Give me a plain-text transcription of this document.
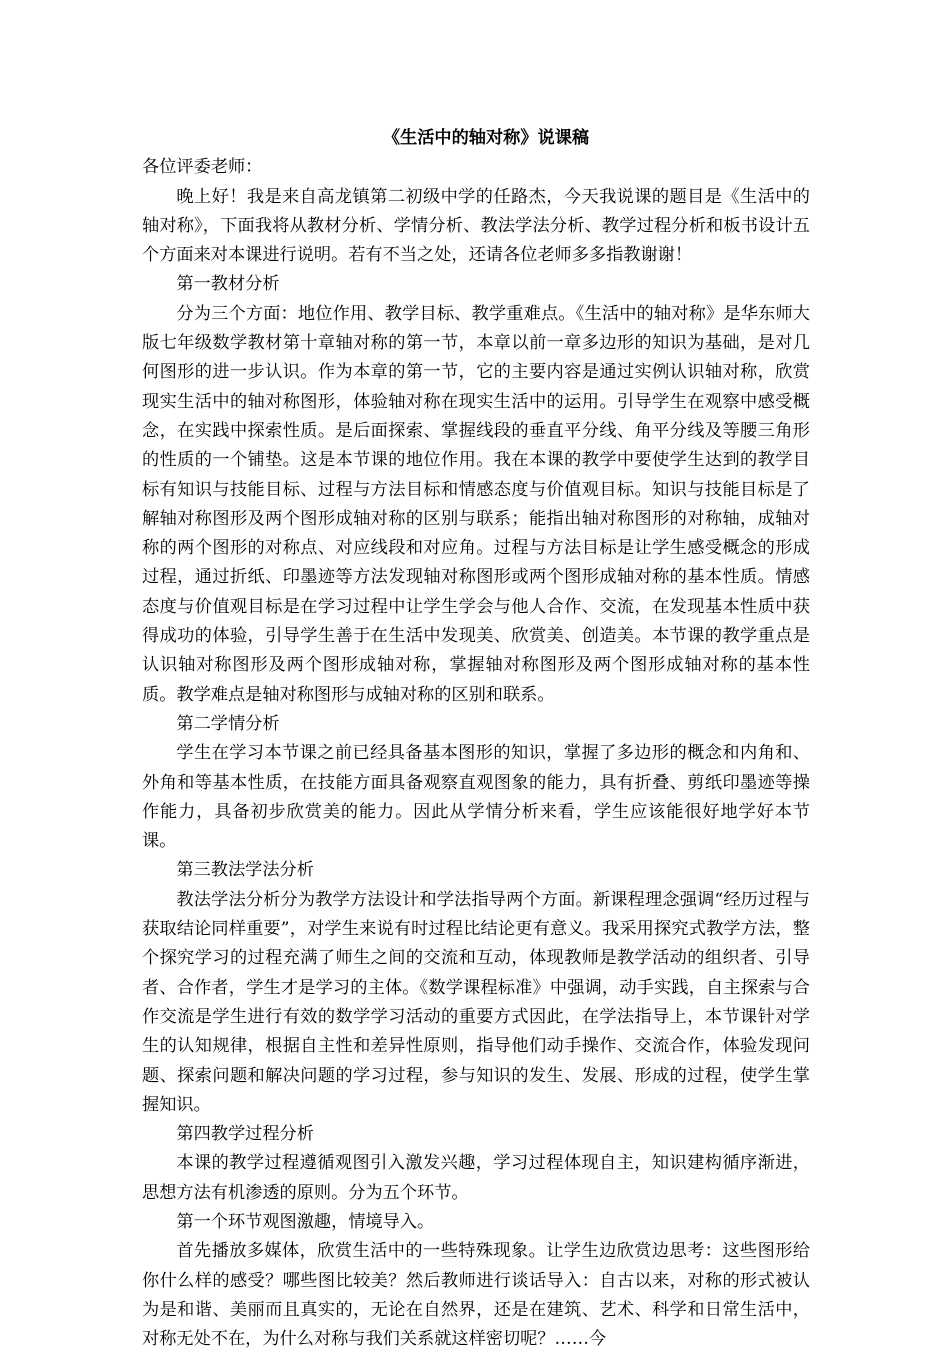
《生活中的轴对称》说课稿

各位评委老师：

晚上好！我是来自高龙镇第二初级中学的任路杰，今天我说课的题目是《生活中的轴对称》，下面我将从教材分析、学情分析、教法学法分析、教学过程分析和板书设计五个方面来对本课进行说明。若有不当之处，还请各位老师多多指教谢谢！

第一教材分析

分为三个方面：地位作用、教学目标、教学重难点。《生活中的轴对称》是华东师大版七年级数学教材第十章轴对称的第一节，本章以前一章多边形的知识为基础，是对几何图形的进一步认识。作为本章的第一节，它的主要内容是通过实例认识轴对称，欣赏现实生活中的轴对称图形，体验轴对称在现实生活中的运用。引导学生在观察中感受概念，在实践中探索性质。是后面探索、掌握线段的垂直平分线、角平分线及等腰三角形的性质的一个铺垫。这是本节课的地位作用。我在本课的教学中要使学生达到的教学目标有知识与技能目标、过程与方法目标和情感态度与价值观目标。知识与技能目标是了解轴对称图形及两个图形成轴对称的区别与联系；能指出轴对称图形的对称轴，成轴对称的两个图形的对称点、对应线段和对应角。过程与方法目标是让学生感受概念的形成过程，通过折纸、印墨迹等方法发现轴对称图形或两个图形成轴对称的基本性质。情感态度与价值观目标是在学习过程中让学生学会与他人合作、交流，在发现基本性质中获得成功的体验，引导学生善于在生活中发现美、欣赏美、创造美。本节课的教学重点是认识轴对称图形及两个图形成轴对称，掌握轴对称图形及两个图形成轴对称的基本性质。教学难点是轴对称图形与成轴对称的区别和联系。

第二学情分析

学生在学习本节课之前已经具备基本图形的知识，掌握了多边形的概念和内角和、外角和等基本性质，在技能方面具备观察直观图象的能力，具有折叠、剪纸印墨迹等操作能力，具备初步欣赏美的能力。因此从学情分析来看，学生应该能很好地学好本节课。

第三教法学法分析

教法学法分析分为教学方法设计和学法指导两个方面。新课程理念强调“经历过程与获取结论同样重要”，对学生来说有时过程比结论更有意义。我采用探究式教学方法，整个探究学习的过程充满了师生之间的交流和互动，体现教师是教学活动的组织者、引导者、合作者，学生才是学习的主体。《数学课程标准》中强调，动手实践，自主探索与合作交流是学生进行有效的数学学习活动的重要方式因此，在学法指导上，本节课针对学生的认知规律，根据自主性和差异性原则，指导他们动手操作、交流合作，体验发现问题、探索问题和解决问题的学习过程，参与知识的发生、发展、形成的过程，使学生掌握知识。

第四教学过程分析

本课的教学过程遵循观图引入激发兴趣，学习过程体现自主，知识建构循序渐进，思想方法有机渗透的原则。分为五个环节。

第一个环节观图激趣，情境导入。

首先播放多媒体，欣赏生活中的一些特殊现象。让学生边欣赏边思考：这些图形给你什么样的感受？哪些图比较美？然后教师进行谈话导入：自古以来，对称的形式被认为是和谐、美丽而且真实的，无论在自然界，还是在建筑、艺术、科学和日常生活中，对称无处不在，为什么对称与我们关系就这样密切呢？……今
